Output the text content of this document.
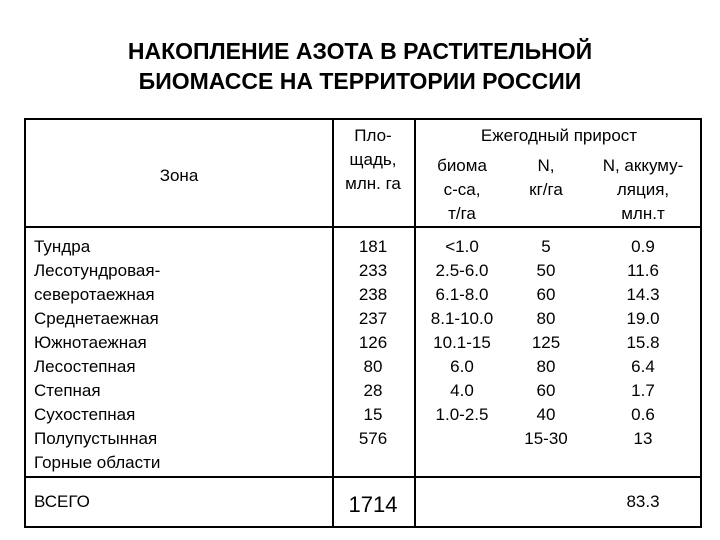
НАКОПЛЕНИЕ АЗОТА В РАСТИТЕЛЬНОЙ
БИОМАССЕ НА ТЕРРИТОРИИ РОССИИ
Зона
Пло-
щадь,
млн. га
Ежегодный прирост
биома
с-са,
т/га
N,
кг/га
N, аккуму-
ляция,
млн.т
Тундра
Лесотундровая-
северотаежная
Среднетаежная
Южнотаежная
Лесостепная
Степная
Сухостепная
Полупустынная
Горные области
181
233
238
237
126
80
28
15
576
<1.0
2.5-6.0
6.1-8.0
8.1-10.0
10.1-15
6.0
4.0
1.0-2.5
5
50
60
80
125
80
60
40
15-30
0.9
11.6
14.3
19.0
15.8
6.4
1.7
0.6
13
ВСЕГО	1714	83.3
